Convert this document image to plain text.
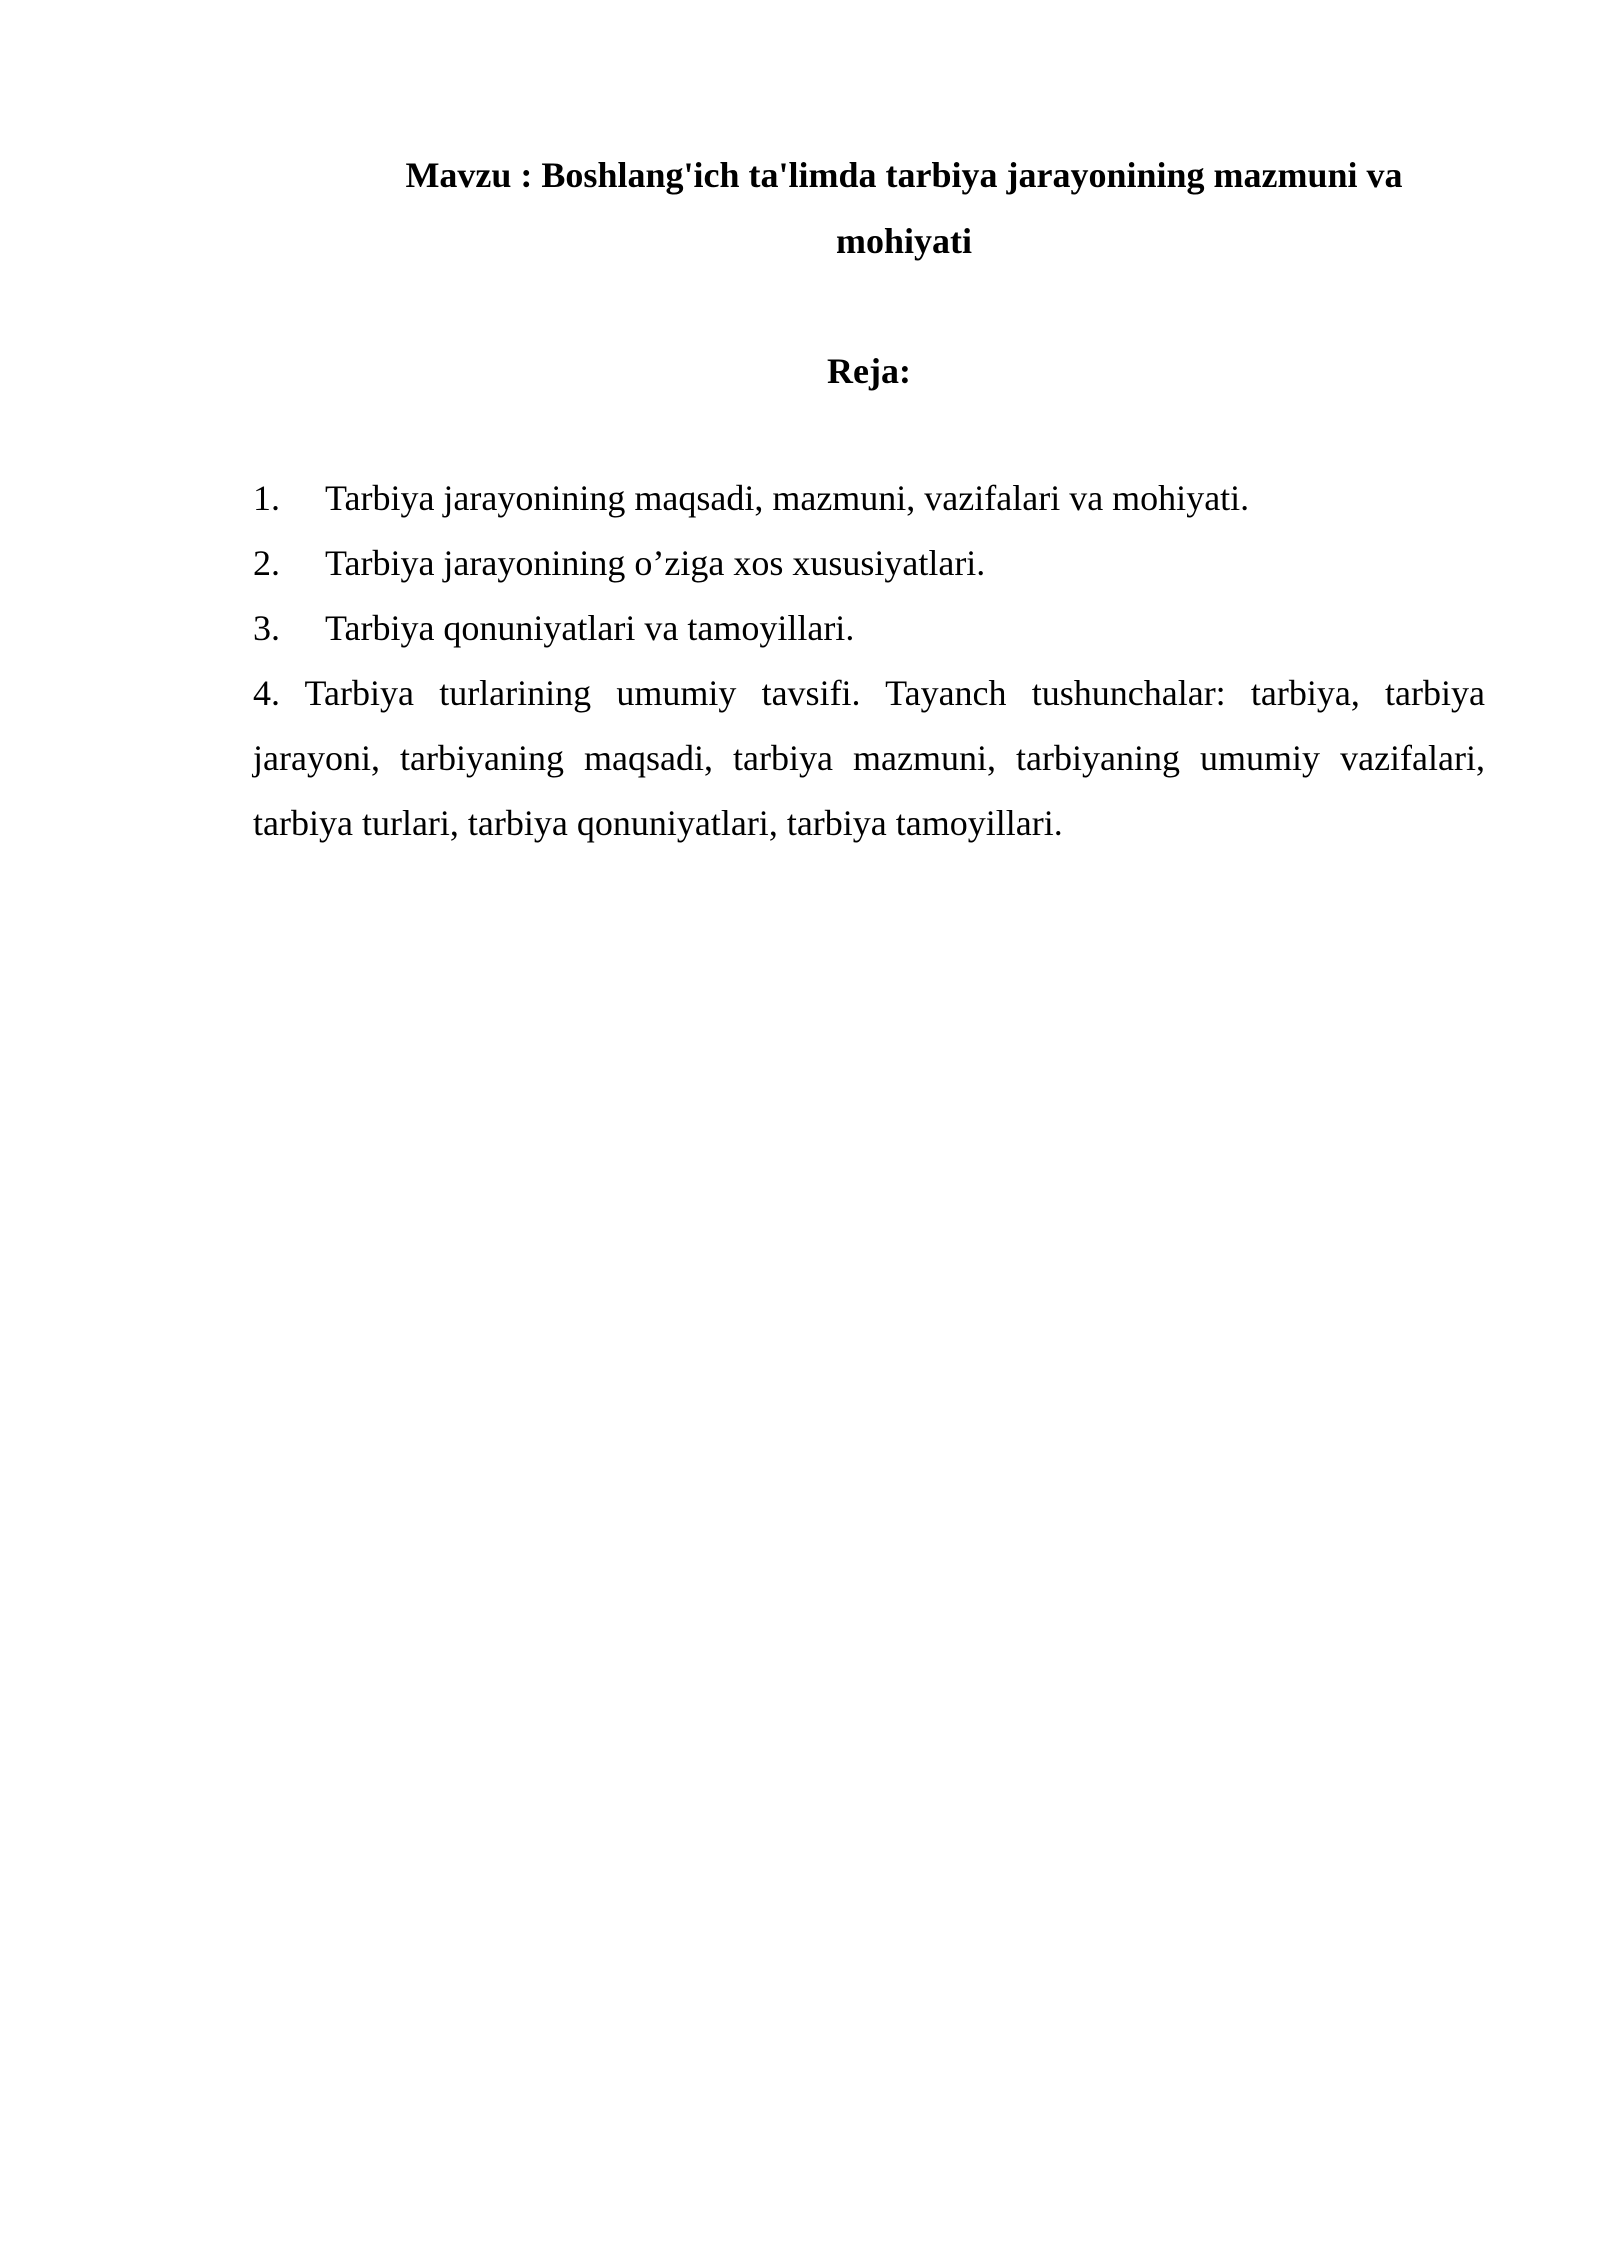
Mavzu : Boshlang'ich ta'limda tarbiya jarayonining mazmuni va
mohiyati
Reja:
1.	Tarbiya jarayonining maqsadi, mazmuni, vazifalari va mohiyati.
2.	Tarbiya jarayonining o’ziga xos xususiyatlari.
3.	Tarbiya qonuniyatlari va tamoyillari.

4. Tarbiya turlarining umumiy tavsifi. Tayanch tushunchalar: tarbiya, tarbiya jarayoni, tarbiyaning maqsadi, tarbiya mazmuni, tarbiyaning umumiy vazifalari, tarbiya turlari, tarbiya qonuniyatlari, tarbiya tamoyillari.
